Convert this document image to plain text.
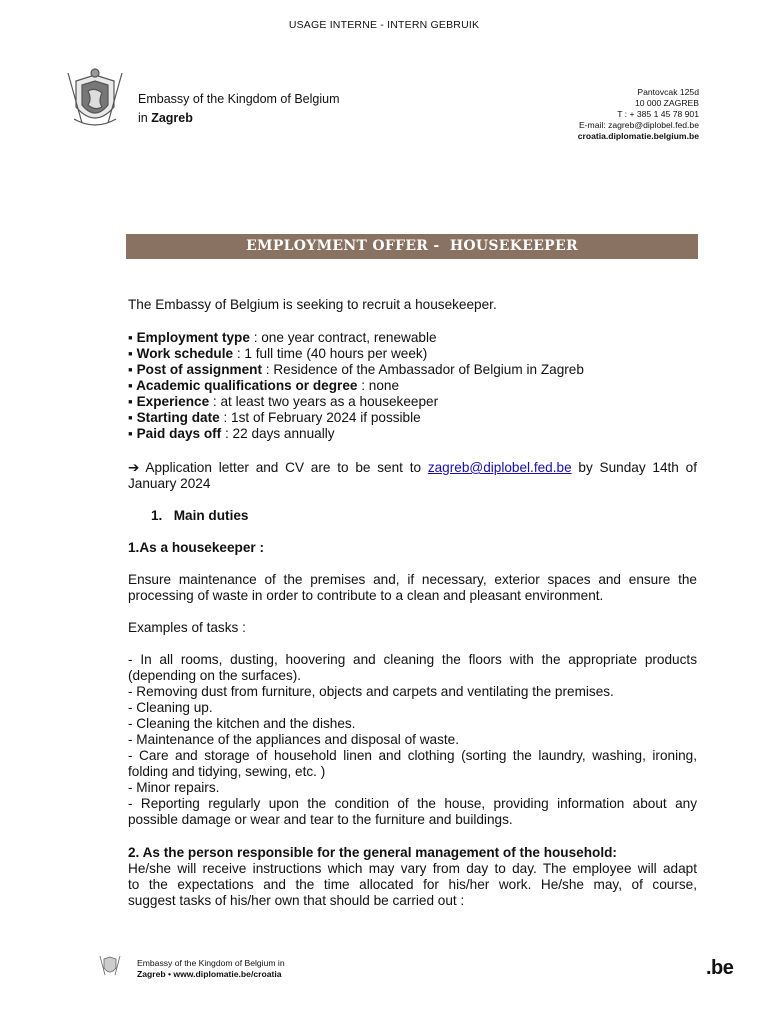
USAGE INTERNE - INTERN GEBRUIK
Embassy of the Kingdom of Belgium
in Zagreb
Pantovcak 125d
10 000 ZAGREB
T : + 385 1 45 78 901
E-mail: zagreb@diplobel.fed.be
croatia.diplomatie.belgium.be
EMPLOYMENT OFFER -  HOUSEKEEPER

The Embassy of Belgium is seeking to recruit a housekeeper.

▪ Employment type : one year contract, renewable

▪ Work schedule : 1 full time (40 hours per week)

▪ Post of assignment : Residence of the Ambassador of Belgium in Zagreb

▪ Academic qualifications or degree : none

▪ Experience : at least two years as a housekeeper

▪ Starting date : 1st of February 2024 if possible

▪ Paid days off : 22 days annually

➔ Application letter and CV are to be sent to zagreb@diplobel.fed.be by Sunday 14th of

January 2024

1. Main duties

1.As a housekeeper :

Ensure maintenance of the premises and, if necessary, exterior spaces and ensure the

processing of waste in order to contribute to a clean and pleasant environment.

Examples of tasks :

- In all rooms, dusting, hoovering and cleaning the floors with the appropriate products

(depending on the surfaces).

- Removing dust from furniture, objects and carpets and ventilating the premises.

- Cleaning up.

- Cleaning the kitchen and the dishes.

- Maintenance of the appliances and disposal of waste.

- Care and storage of household linen and clothing (sorting the laundry, washing, ironing,

folding and tidying, sewing, etc. )

- Minor repairs.

- Reporting regularly upon the condition of the house, providing information about any

possible damage or wear and tear to the furniture and buildings.

2. As the person responsible for the general management of the household:

He/she will receive instructions which may vary from day to day. The employee will adapt

to the expectations and the time allocated for his/her work. He/she may, of course,

suggest tasks of his/her own that should be carried out :

Embassy of the Kingdom of Belgium in
Zagreb • www.diplomatie.be/croatia	.be
